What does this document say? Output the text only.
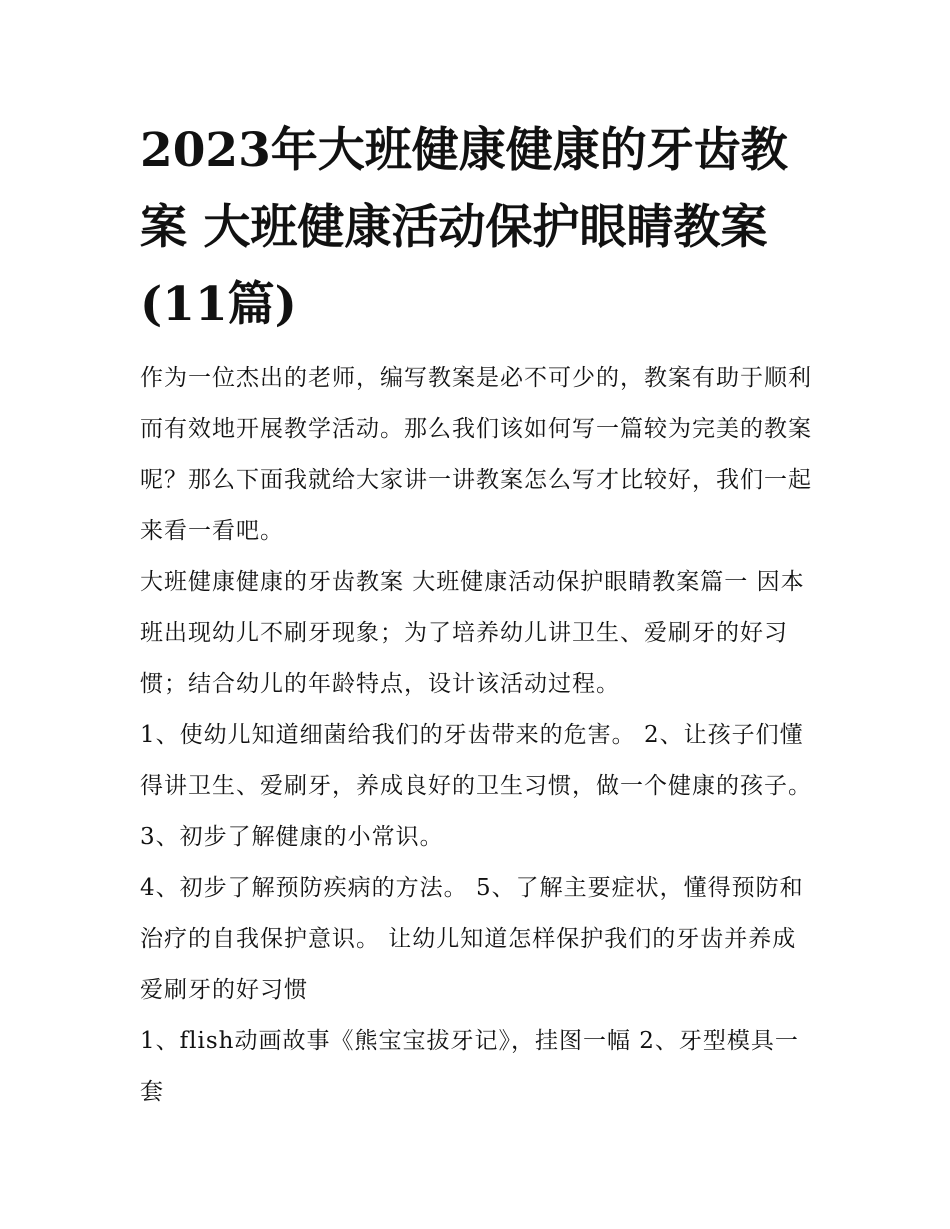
2023年大班健康健康的牙齿教案 大班健康活动保护眼睛教案(11篇)

作为一位杰出的老师，编写教案是必不可少的，教案有助于顺利而有效地开展教学活动。那么我们该如何写一篇较为完美的教案呢？那么下面我就给大家讲一讲教案怎么写才比较好，我们一起来看一看吧。

大班健康健康的牙齿教案 大班健康活动保护眼睛教案篇一 因本班出现幼儿不刷牙现象；为了培养幼儿讲卫生、爱刷牙的好习惯；结合幼儿的年龄特点，设计该活动过程。

1、使幼儿知道细菌给我们的牙齿带来的危害。 2、让孩子们懂得讲卫生、爱刷牙，养成良好的卫生习惯，做一个健康的孩子。 3、初步了解健康的小常识。

4、初步了解预防疾病的方法。 5、了解主要症状，懂得预防和治疗的自我保护意识。 让幼儿知道怎样保护我们的牙齿并养成爱刷牙的好习惯

1、flish动画故事《熊宝宝拔牙记》，挂图一幅 2、牙型模具一套
